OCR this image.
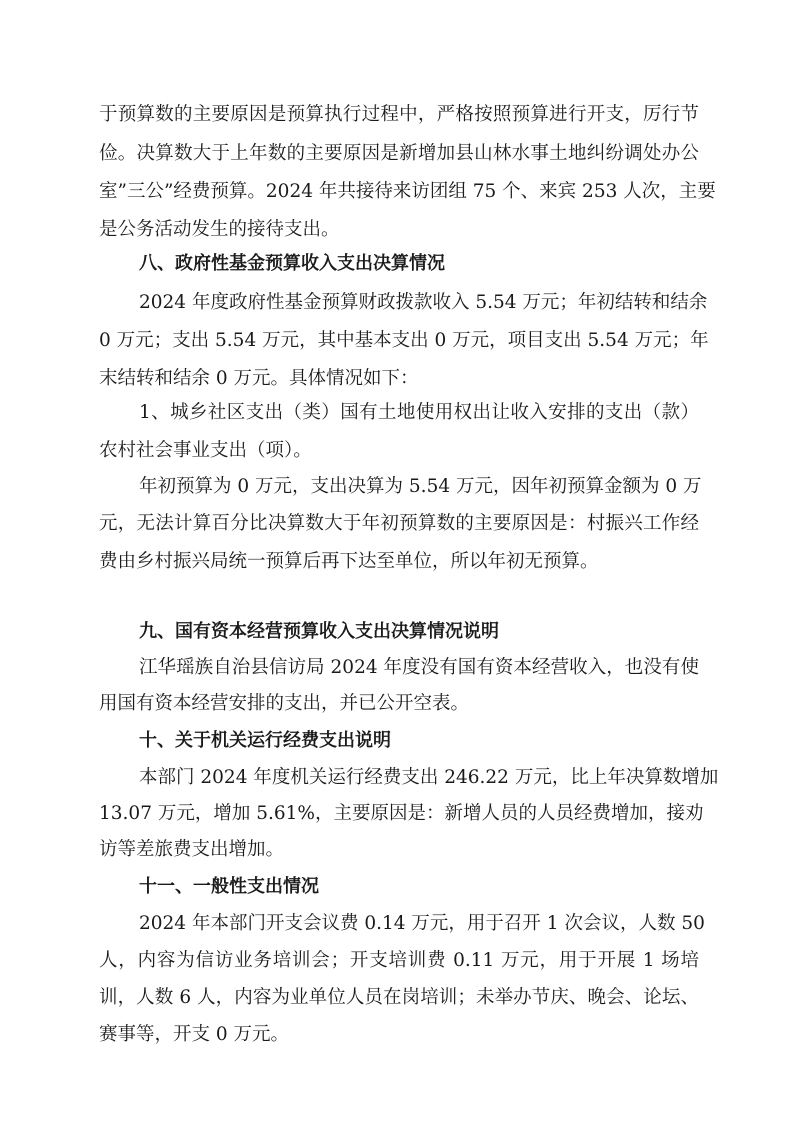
于预算数的主要原因是预算执行过程中，严格按照预算进行开支，厉行节
俭。决算数大于上年数的主要原因是新增加县山林水事土地纠纷调处办公
室”三公”经费预算。2024 年共接待来访团组 75 个、来宾 253 人次，主要
是公务活动发生的接待支出。
八、政府性基金预算收入支出决算情况
2024 年度政府性基金预算财政拨款收入 5.54 万元；年初结转和结余
0 万元；支出 5.54 万元，其中基本支出 0 万元，项目支出 5.54 万元；年
末结转和结余 0 万元。具体情况如下：
1、城乡社区支出（类）国有土地使用权出让收入安排的支出（款）
农村社会事业支出（项）。
年初预算为 0 万元，支出决算为 5.54 万元，因年初预算金额为 0 万
元，无法计算百分比决算数大于年初预算数的主要原因是：村振兴工作经
费由乡村振兴局统一预算后再下达至单位，所以年初无预算。
九、国有资本经营预算收入支出决算情况说明
江华瑶族自治县信访局 2024 年度没有国有资本经营收入，也没有使
用国有资本经营安排的支出，并已公开空表。
十、关于机关运行经费支出说明
本部门 2024 年度机关运行经费支出 246.22 万元，比上年决算数增加
13.07 万元，增加 5.61%，主要原因是：新增人员的人员经费增加，接劝
访等差旅费支出增加。
十一、一般性支出情况
2024 年本部门开支会议费 0.14 万元，用于召开 1 次会议，人数 50
人，内容为信访业务培训会；开支培训费 0.11 万元，用于开展 1 场培
训，人数 6 人，内容为业单位人员在岗培训；未举办节庆、晚会、论坛、
赛事等，开支 0 万元。
